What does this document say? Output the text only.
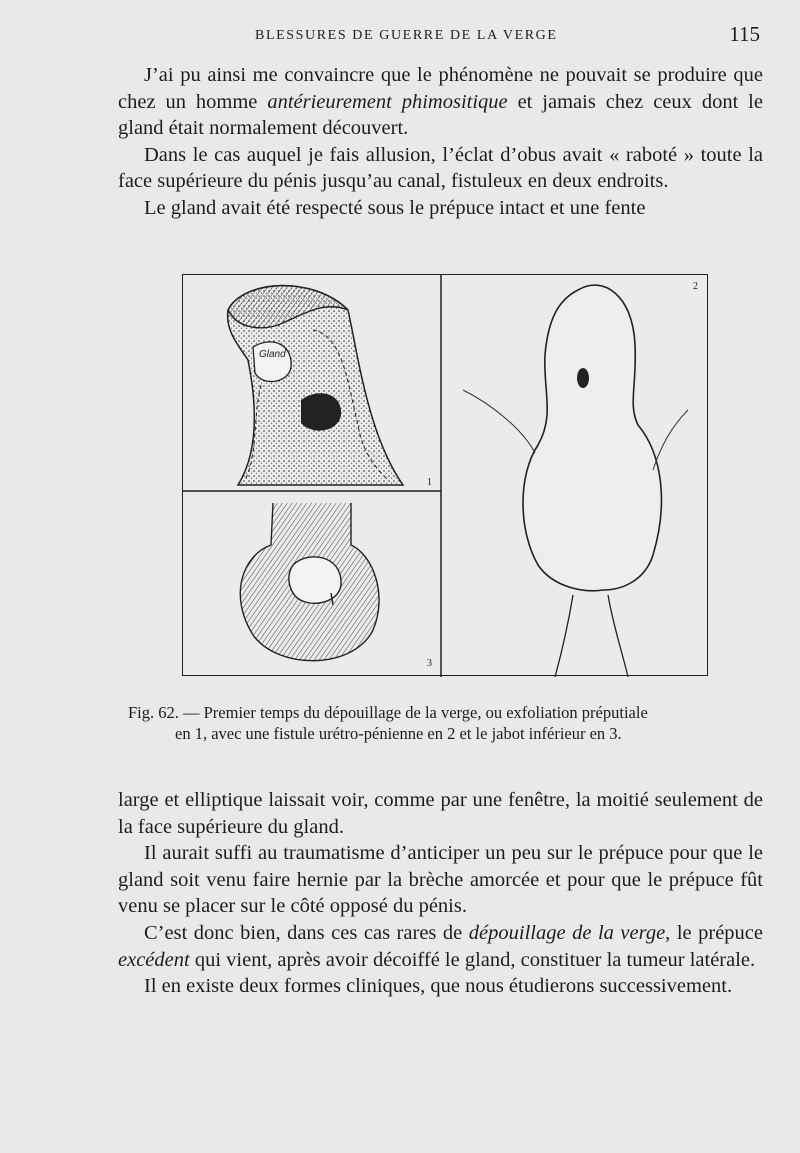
BLESSURES DE GUERRE DE LA VERGE	115

J’ai pu ainsi me convaincre que le phénomène ne pouvait se produire que chez un homme antérieurement phimositique et jamais chez ceux dont le gland était normalement découvert.

Dans le cas auquel je fais allusion, l’éclat d’obus avait « raboté » toute la face supérieure du pénis jusqu’au canal, fistuleux en deux endroits.

Le gland avait été respecté sous le prépuce intact et une fente

Gland
1
2
3
Fig. 62. — Premier temps du dépouillage de la verge, ou exfoliation préputiale
en 1, avec une fistule urétro-pénienne en 2 et le jabot inférieur en 3.

large et elliptique laissait voir, comme par une fenêtre, la moitié seulement de la face supérieure du gland.

Il aurait suffi au traumatisme d’anticiper un peu sur le prépuce pour que le gland soit venu faire hernie par la brèche amorcée et pour que le prépuce fût venu se placer sur le côté opposé du pénis.

C’est donc bien, dans ces cas rares de dépouillage de la verge, le prépuce excédent qui vient, après avoir décoiffé le gland, constituer la tumeur latérale.

Il en existe deux formes cliniques, que nous étudierons successivement.
